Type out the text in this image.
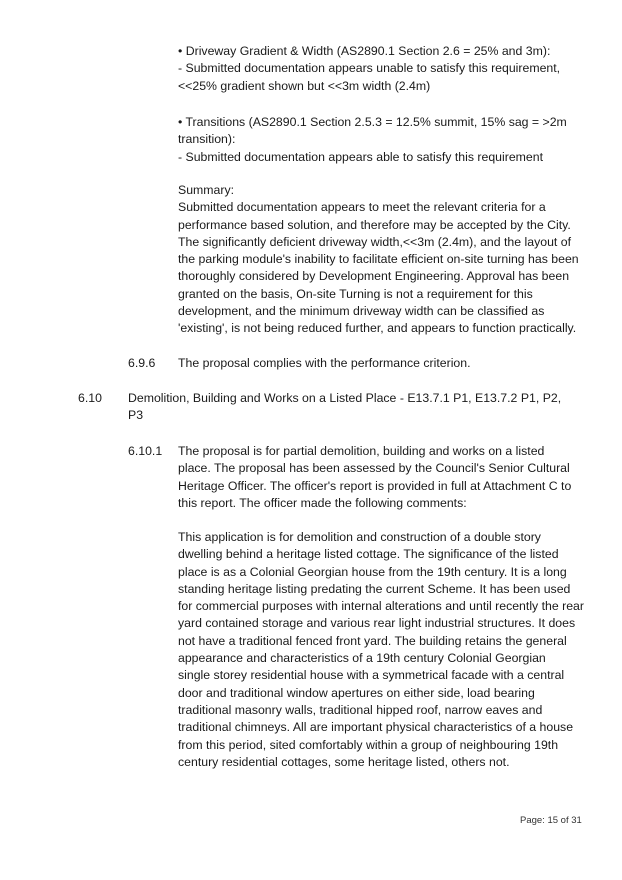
• Driveway Gradient & Width (AS2890.1 Section 2.6 = 25% and 3m):

- Submitted documentation appears unable to satisfy this requirement,

<<25% gradient shown but <<3m width (2.4m)

• Transitions (AS2890.1 Section 2.5.3 = 12.5% summit, 15% sag = >2m

transition):

- Submitted documentation appears able to satisfy this requirement

Summary:

Submitted documentation appears to meet the relevant criteria for a

performance based solution, and therefore may be accepted by the City.

The significantly deficient driveway width,<<3m (2.4m), and the layout of

the parking module's inability to facilitate efficient on-site turning has been

thoroughly considered by Development Engineering. Approval has been

granted on the basis, On-site Turning is not a requirement for this

development, and the minimum driveway width can be classified as

'existing', is not being reduced further, and appears to function practically.

6.9.6 The proposal complies with the performance criterion.

6.10 Demolition, Building and Works on a Listed Place - E13.7.1 P1, E13.7.2 P1, P2,

P3

6.10.1 The proposal is for partial demolition, building and works on a listed

place. The proposal has been assessed by the Council's Senior Cultural

Heritage Officer. The officer's report is provided in full at Attachment C to

this report. The officer made the following comments:

This application is for demolition and construction of a double story

dwelling behind a heritage listed cottage. The significance of the listed

place is as a Colonial Georgian house from the 19th century. It is a long

standing heritage listing predating the current Scheme. It has been used

for commercial purposes with internal alterations and until recently the rear

yard contained storage and various rear light industrial structures. It does

not have a traditional fenced front yard. The building retains the general

appearance and characteristics of a 19th century Colonial Georgian

single storey residential house with a symmetrical facade with a central

door and traditional window apertures on either side, load bearing

traditional masonry walls, traditional hipped roof, narrow eaves and

traditional chimneys. All are important physical characteristics of a house

from this period, sited comfortably within a group of neighbouring 19th

century residential cottages, some heritage listed, others not.

Page: 15 of 31
